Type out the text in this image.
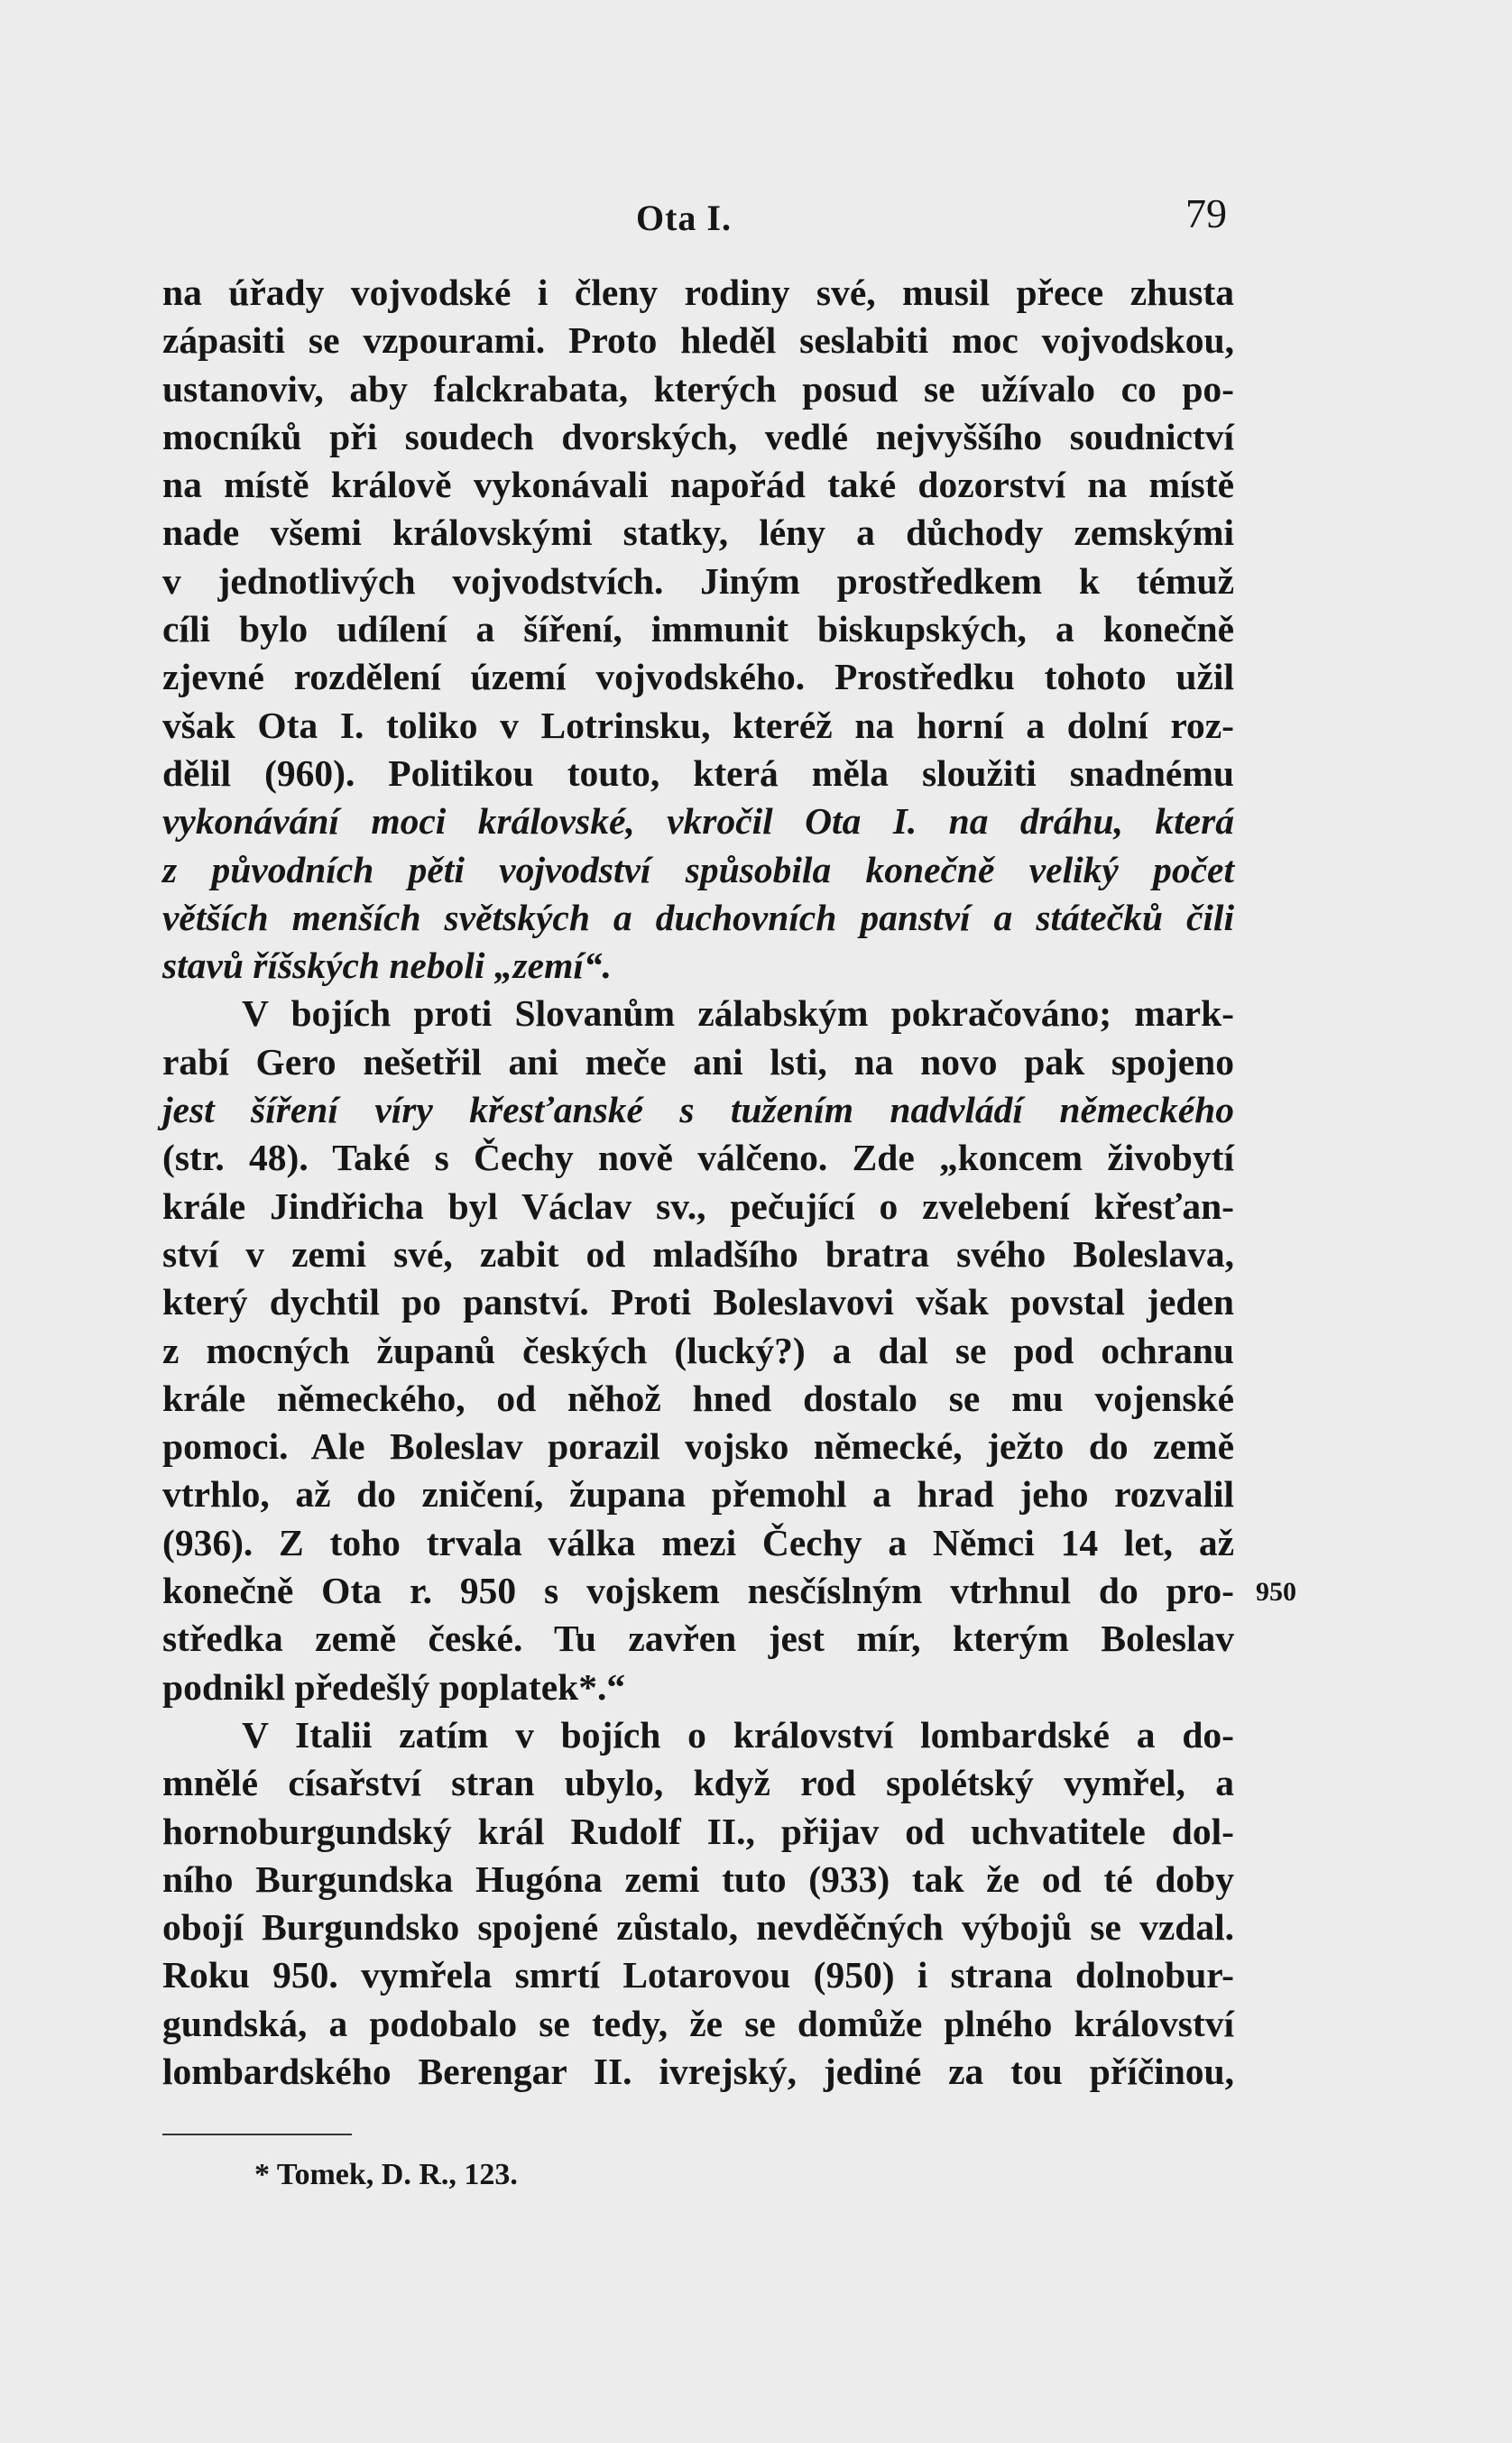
Ota I.	79
na úřady vojvodské i členy rodiny své, musil přece zhusta
zápasiti se vzpourami. Proto hleděl seslabiti moc vojvodskou,
ustanoviv, aby falckrabata, kterých posud se užívalo co po-
mocníků při soudech dvorských, vedlé nejvyššího soudnictví
na místě králově vykonávali napořád také dozorství na místě
nade všemi královskými statky, lény a důchody zemskými
v jednotlivých vojvodstvích. Jiným prostředkem k témuž
cíli bylo udílení a šíření, immunit biskupských, a konečně
zjevné rozdělení území vojvodského. Prostředku tohoto užil
však Ota I. toliko v Lotrinsku, kteréž na horní a dolní roz-
dělil (960). Politikou touto, která měla sloužiti snadnému
vykonávání moci královské, vkročil Ota I. na dráhu, která
z původních pěti vojvodství spůsobila konečně veliký počet
větších menších světských a duchovních panství a státečků čili
stavů říšských neboli „zemí“.
V bojích proti Slovanům zálabským pokračováno; mark-
rabí Gero nešetřil ani meče ani lsti, na novo pak spojeno
jest šíření víry křesťanské s tužením nadvládí německého
(str. 48). Také s Čechy nově válčeno. Zde „koncem živobytí
krále Jindřicha byl Václav sv., pečující o zvelebení křesťan-
ství v zemi své, zabit od mladšího bratra svého Boleslava,
který dychtil po panství. Proti Boleslavovi však povstal jeden
z mocných županů českých (lucký?) a dal se pod ochranu
krále německého, od něhož hned dostalo se mu vojenské
pomoci. Ale Boleslav porazil vojsko německé, ježto do země
vtrhlo, až do zničení, župana přemohl a hrad jeho rozvalil
(936). Z toho trvala válka mezi Čechy a Němci 14 let, až
konečně Ota r. 950 s vojskem nesčíslným vtrhnul do pro-
středka země české. Tu zavřen jest mír, kterým Boleslav
podnikl předešlý poplatek*.“
V Italii zatím v bojích o království lombardské a do-
mnělé císařství stran ubylo, když rod spolétský vymřel, a
hornoburgundský král Rudolf II., přijav od uchvatitele dol-
ního Burgundska Hugóna zemi tuto (933) tak že od té doby
obojí Burgundsko spojené zůstalo, nevděčných výbojů se vzdal.
Roku 950. vymřela smrtí Lotarovou (950) i strana dolnobur-
gundská, a podobalo se tedy, že se domůže plného království
lombardského Berengar II. ivrejský, jediné za tou příčinou,
950
* Tomek, D. R., 123.
